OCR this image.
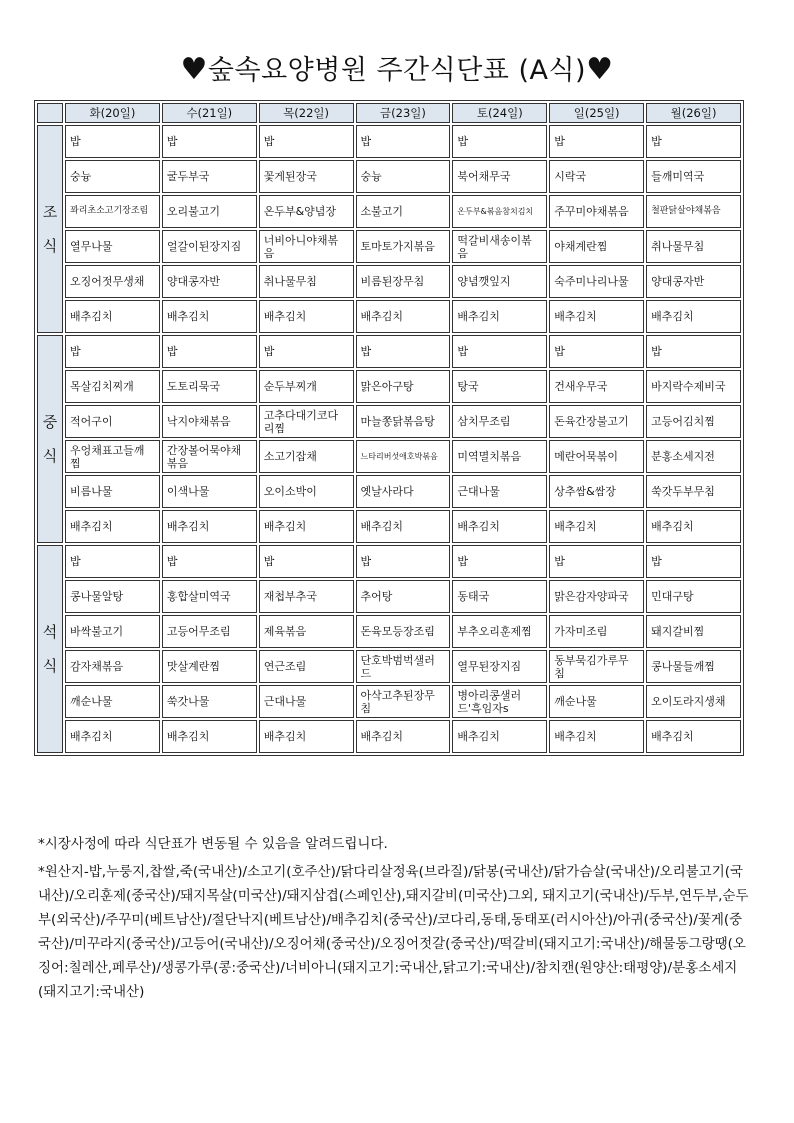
♥숲속요양병원 주간식단표 (A식)♥
	화(20일)	수(21일)	목(22일)	금(23일)	토(24일)	일(25일)	월(26일)
조
식	밥	밥	밥	밥	밥	밥	밥
	숭늉	굴두부국	꽃게된장국	숭늉	북어채무국	시락국	들깨미역국
	꽈리초소고기장조림	오리불고기	온두부&양념장	소불고기	온두부&볶음참치김치	주꾸미야채볶음	철판닭살야채볶음
	열무나물	얼갈이된장지짐	너비아니야채볶음	토마토가지볶음	떡갈비새송이볶음	야채계란찜	취나물무침
	오징어젓무생채	양대콩자반	취나물무침	비름된장무침	양념깻잎지	숙주미나리나물	양대콩자반
	배추김치	배추김치	배추김치	배추김치	배추김치	배추김치	배추김치
중
식	밥	밥	밥	밥	밥	밥	밥
	목살김치찌개	도토리묵국	순두부찌개	맑은아구탕	탕국	건새우무국	바지락수제비국
	적어구이	낙지야채볶음	고추다대기코다리찜	마늘쫑닭볶음탕	삼치무조림	돈육간장불고기	고등어김치찜
	우엉채표고들깨찜	간장볼어묵야채볶음	소고기잡채	느타리버섯애호박볶음	미역멸치볶음	메란어묵볶이	분홍소세지전
	비름나물	이색나물	오이소박이	옛날사라다	근대나물	상추쌈&쌈장	쑥갓두부무침
	배추김치	배추김치	배추김치	배추김치	배추김치	배추김치	배추김치
석
식	밥	밥	밥	밥	밥	밥	밥
	콩나물알탕	홍합살미역국	재첩부추국	추어탕	동태국	맑은감자양파국	민대구탕
	바싹불고기	고등어무조림	제육볶음	돈육모등장조림	부추오리훈제찜	가자미조림	돼지갈비찜
	감자채볶음	맛살계란찜	연근조림	단호박범벅샐러드	열무된장지짐	동부묵김가루무침	콩나물들깨찜
	깨순나물	쑥갓나물	근대나물	아삭고추된장무침	병아리콩샐러드'흑임자s	깨순나물	오이도라지생채
	배추김치	배추김치	배추김치	배추김치	배추김치	배추김치	배추김치
*시장사정에 따라 식단표가 변동될 수 있음을 알려드립니다.
*원산지-밥,누룽지,찹쌀,죽(국내산)/소고기(호주산)/닭다리살정육(브라질)/닭봉(국내산)/닭가슴살(국내산)/오리불고기(국내산)/오리훈제(중국산)/돼지목살(미국산)/돼지삼겹(스페인산),돼지갈비(미국산)그외, 돼지고기(국내산)/두부,연두부,순두부(외국산)/주꾸미(베트남산)/절단낙지(베트남산)/배추김치(중국산)/코다리,동태,동태포(러시아산)/아귀(중국산)/꽃게(중국산)/미꾸라지(중국산)/고등어(국내산)/오징어채(중국산)/오징어젓갈(중국산)/떡갈비(돼지고기:국내산)/해물동그랑땡(오징어:칠레산,페루산)/생콩가루(콩:중국산)/너비아니(돼지고기:국내산,닭고기:국내산)/참치캔(원양산:태평양)/분홍소세지(돼지고기:국내산)
